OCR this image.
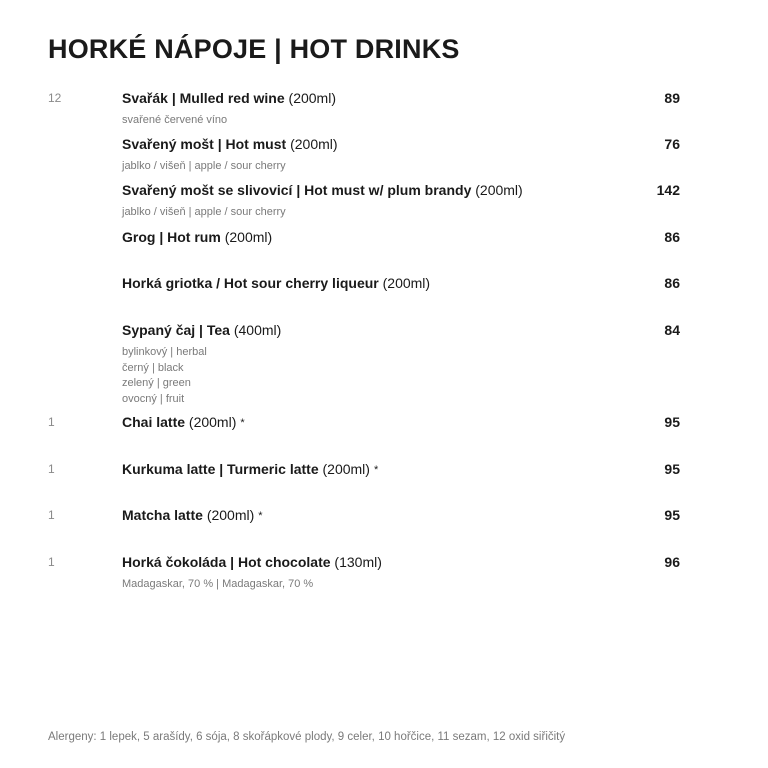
HORKÉ NÁPOJE | HOT DRINKS
12	Svařák | Mulled red wine (200ml)	89
svařené červené víno
Svařený mošt | Hot must (200ml)	76
jablko / višeň | apple / sour cherry
Svařený mošt se slivovicí | Hot must w/ plum brandy (200ml)	142
jablko / višeň | apple / sour cherry
Grog | Hot rum (200ml)	86
Horká griotka / Hot sour cherry liqueur (200ml)	86
Sypaný čaj | Tea (400ml)	84
bylinkový | herbal
černý | black
zelený | green
ovocný | fruit
1	Chai latte (200ml) *	95
1	Kurkuma latte | Turmeric latte (200ml) *	95
1	Matcha latte (200ml) *	95
1	Horká čokoláda | Hot chocolate (130ml)	96
Madagaskar, 70 % | Madagaskar, 70 %
Alergeny: 1 lepek, 5 arašídy, 6 sója, 8 skořápkové plody, 9 celer, 10 hořčice, 11 sezam, 12 oxid siřičitý
